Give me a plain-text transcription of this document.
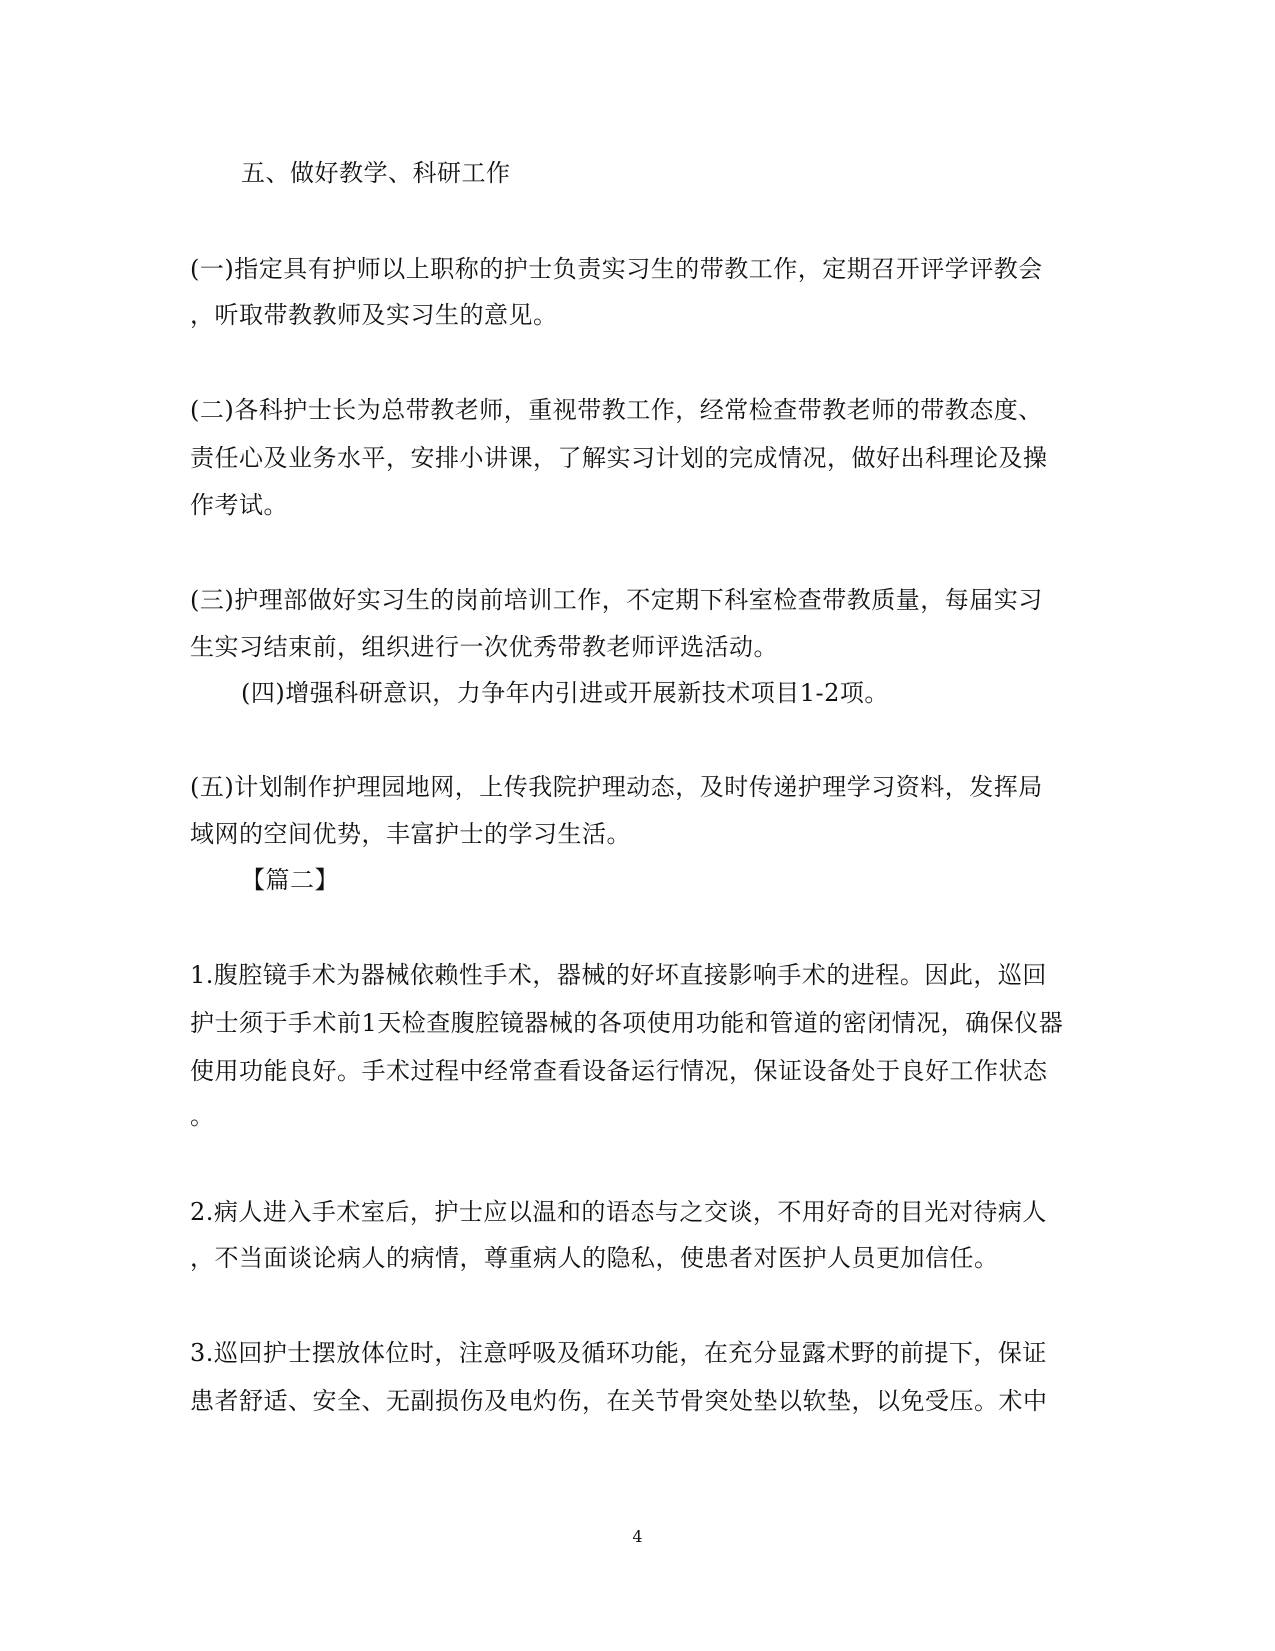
五、做好教学、科研工作
(一)指定具有护师以上职称的护士负责实习生的带教工作，定期召开评学评教会
，听取带教教师及实习生的意见。
(二)各科护士长为总带教老师，重视带教工作，经常检查带教老师的带教态度、
责任心及业务水平，安排小讲课，了解实习计划的完成情况，做好出科理论及操
作考试。
(三)护理部做好实习生的岗前培训工作，不定期下科室检查带教质量，每届实习
生实习结束前，组织进行一次优秀带教老师评选活动。
(四)增强科研意识，力争年内引进或开展新技术项目1-2项。
(五)计划制作护理园地网，上传我院护理动态，及时传递护理学习资料，发挥局
域网的空间优势，丰富护士的学习生活。
【篇二】
1.腹腔镜手术为器械依赖性手术，器械的好坏直接影响手术的进程。因此，巡回
护士须于手术前1天检查腹腔镜器械的各项使用功能和管道的密闭情况，确保仪器
使用功能良好。手术过程中经常查看设备运行情况，保证设备处于良好工作状态
。
2.病人进入手术室后，护士应以温和的语态与之交谈，不用好奇的目光对待病人
，不当面谈论病人的病情，尊重病人的隐私，使患者对医护人员更加信任。
3.巡回护士摆放体位时，注意呼吸及循环功能，在充分显露术野的前提下，保证
患者舒适、安全、无副损伤及电灼伤，在关节骨突处垫以软垫，以免受压。术中
4
